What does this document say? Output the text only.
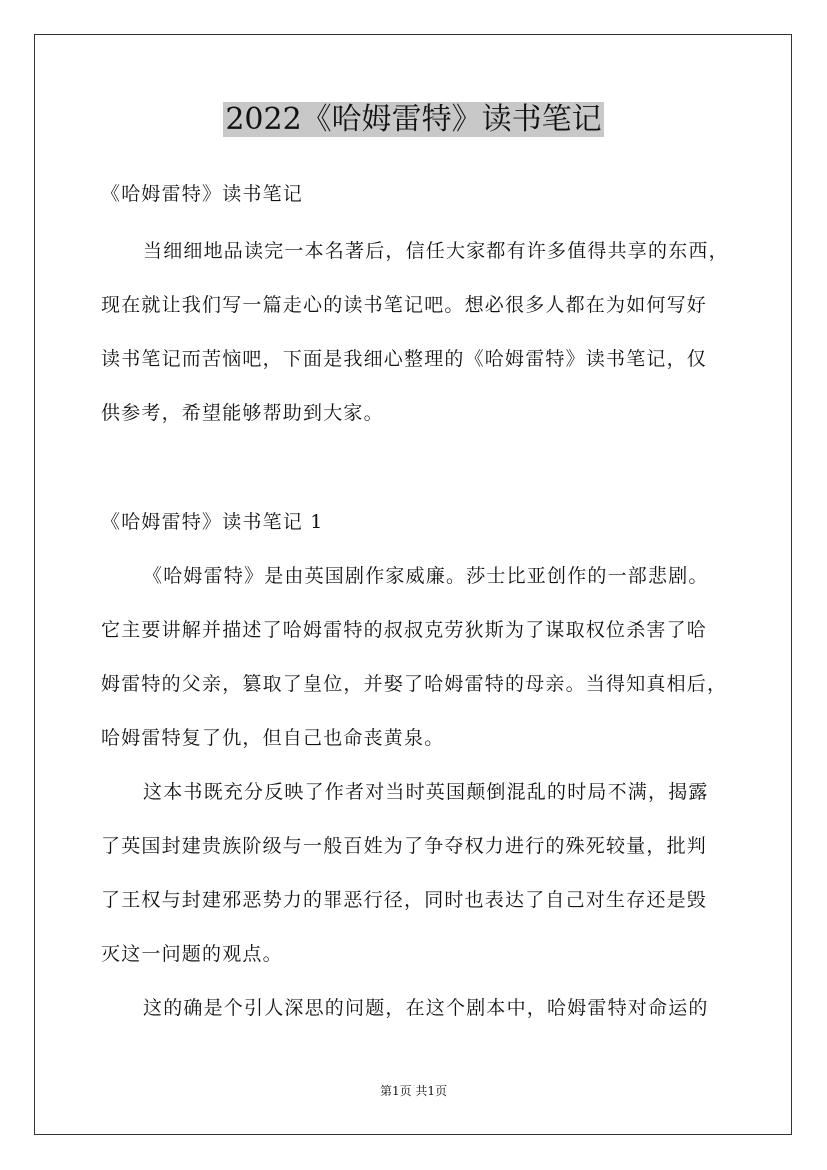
2022《哈姆雷特》读书笔记
《哈姆雷特》读书笔记
当细细地品读完一本名著后，信任大家都有许多值得共享的东西，
现在就让我们写一篇走心的读书笔记吧。想必很多人都在为如何写好
读书笔记而苦恼吧，下面是我细心整理的《哈姆雷特》读书笔记，仅
供参考，希望能够帮助到大家。
《哈姆雷特》读书笔记 1
《哈姆雷特》是由英国剧作家威廉。莎士比亚创作的一部悲剧。
它主要讲解并描述了哈姆雷特的叔叔克劳狄斯为了谋取权位杀害了哈
姆雷特的父亲，篡取了皇位，并娶了哈姆雷特的母亲。当得知真相后，
哈姆雷特复了仇，但自己也命丧黄泉。
这本书既充分反映了作者对当时英国颠倒混乱的时局不满，揭露
了英国封建贵族阶级与一般百姓为了争夺权力进行的殊死较量，批判
了王权与封建邪恶势力的罪恶行径，同时也表达了自己对生存还是毁
灭这一问题的观点。
这的确是个引人深思的问题，在这个剧本中，哈姆雷特对命运的
第1页 共1页
